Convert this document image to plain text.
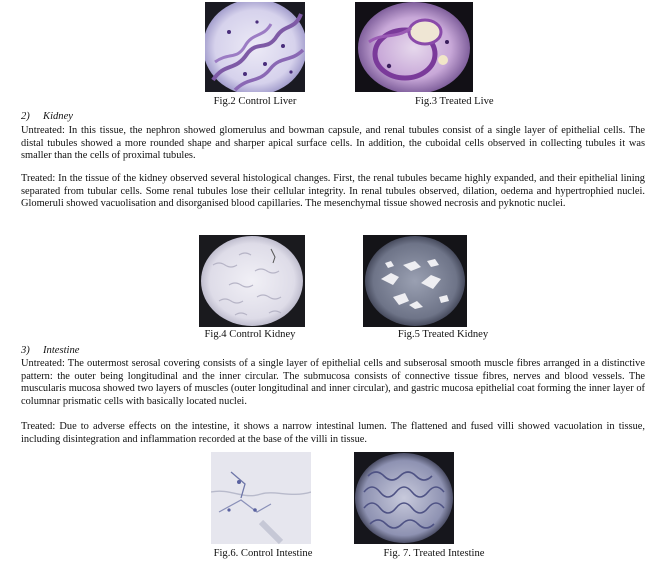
Fig.2 Control Liver	Fig.3 Treated Live
2) Kidney

Untreated: In this tissue, the nephron showed glomerulus and bowman capsule, and renal tubules consist of a single layer of epithelial cells. The distal tubules showed a more rounded shape and sharper apical surface cells. In addition, the cuboidal cells observed in collecting tubules it was smaller than the cells of proximal tubules.

Treated: In the tissue of the kidney observed several histological changes. First, the renal tubules became highly expanded, and their epithelial lining separated from tubular cells. Some renal tubules lose their cellular integrity. In renal tubules observed, dilation, oedema and hypertrophied nuclei. Glomeruli showed vacuolisation and disorganised blood capillaries. The mesenchymal tissue showed necrosis and pyknotic nuclei.

Fig.4 Control Kidney	Fig.5 Treated Kidney
3) Intestine

Untreated: The outermost serosal covering consists of a single layer of epithelial cells and subserosal smooth muscle fibres arranged in a distinctive pattern: the outer being longitudinal and the inner circular. The submucosa consists of connective tissue fibres, nerves and blood vessels. The muscularis mucosa showed two layers of muscles (outer longitudinal and inner circular), and gastric mucosa epithelial coat forming the inner layer of columnar prismatic cells with basically located nuclei.

Treated: Due to adverse effects on the intestine, it shows a narrow intestinal lumen. The flattened and fused villi showed vacuolation in tissue, including disintegration and inflammation recorded at the base of the villi in tissue.

Fig.6. Control Intestine	Fig. 7. Treated Intestine
